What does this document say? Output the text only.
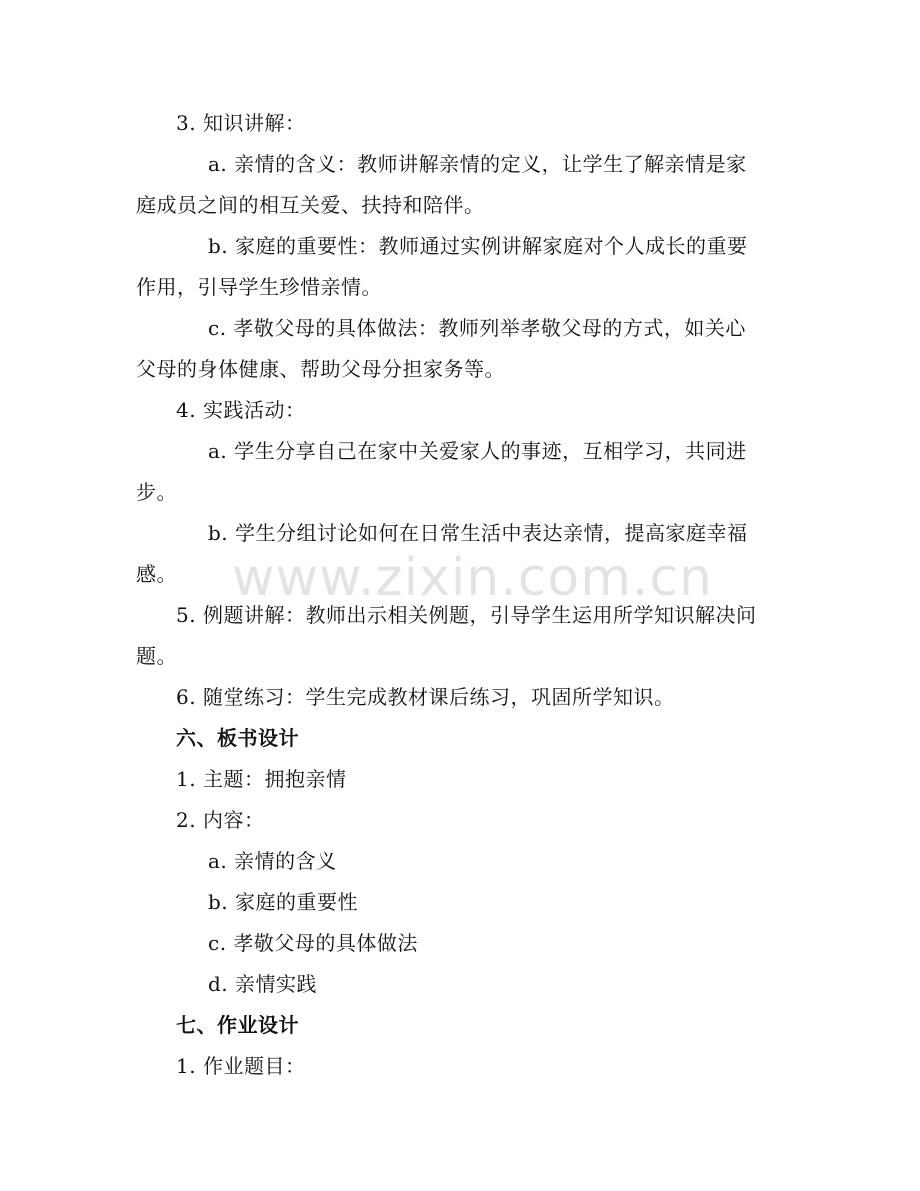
3. 知识讲解：
a. 亲情的含义：教师讲解亲情的定义，让学生了解亲情是家
庭成员之间的相互关爱、扶持和陪伴。
b. 家庭的重要性：教师通过实例讲解家庭对个人成长的重要
作用，引导学生珍惜亲情。
c. 孝敬父母的具体做法：教师列举孝敬父母的方式，如关心
父母的身体健康、帮助父母分担家务等。
4. 实践活动：
a. 学生分享自己在家中关爱家人的事迹，互相学习，共同进
步。
b. 学生分组讨论如何在日常生活中表达亲情，提高家庭幸福
感。
5. 例题讲解：教师出示相关例题，引导学生运用所学知识解决问
题。
6. 随堂练习：学生完成教材课后练习，巩固所学知识。
六、板书设计
1. 主题：拥抱亲情
2. 内容：
a. 亲情的含义
b. 家庭的重要性
c. 孝敬父母的具体做法
d. 亲情实践
七、作业设计
1. 作业题目：
www.zixin.com.cn
